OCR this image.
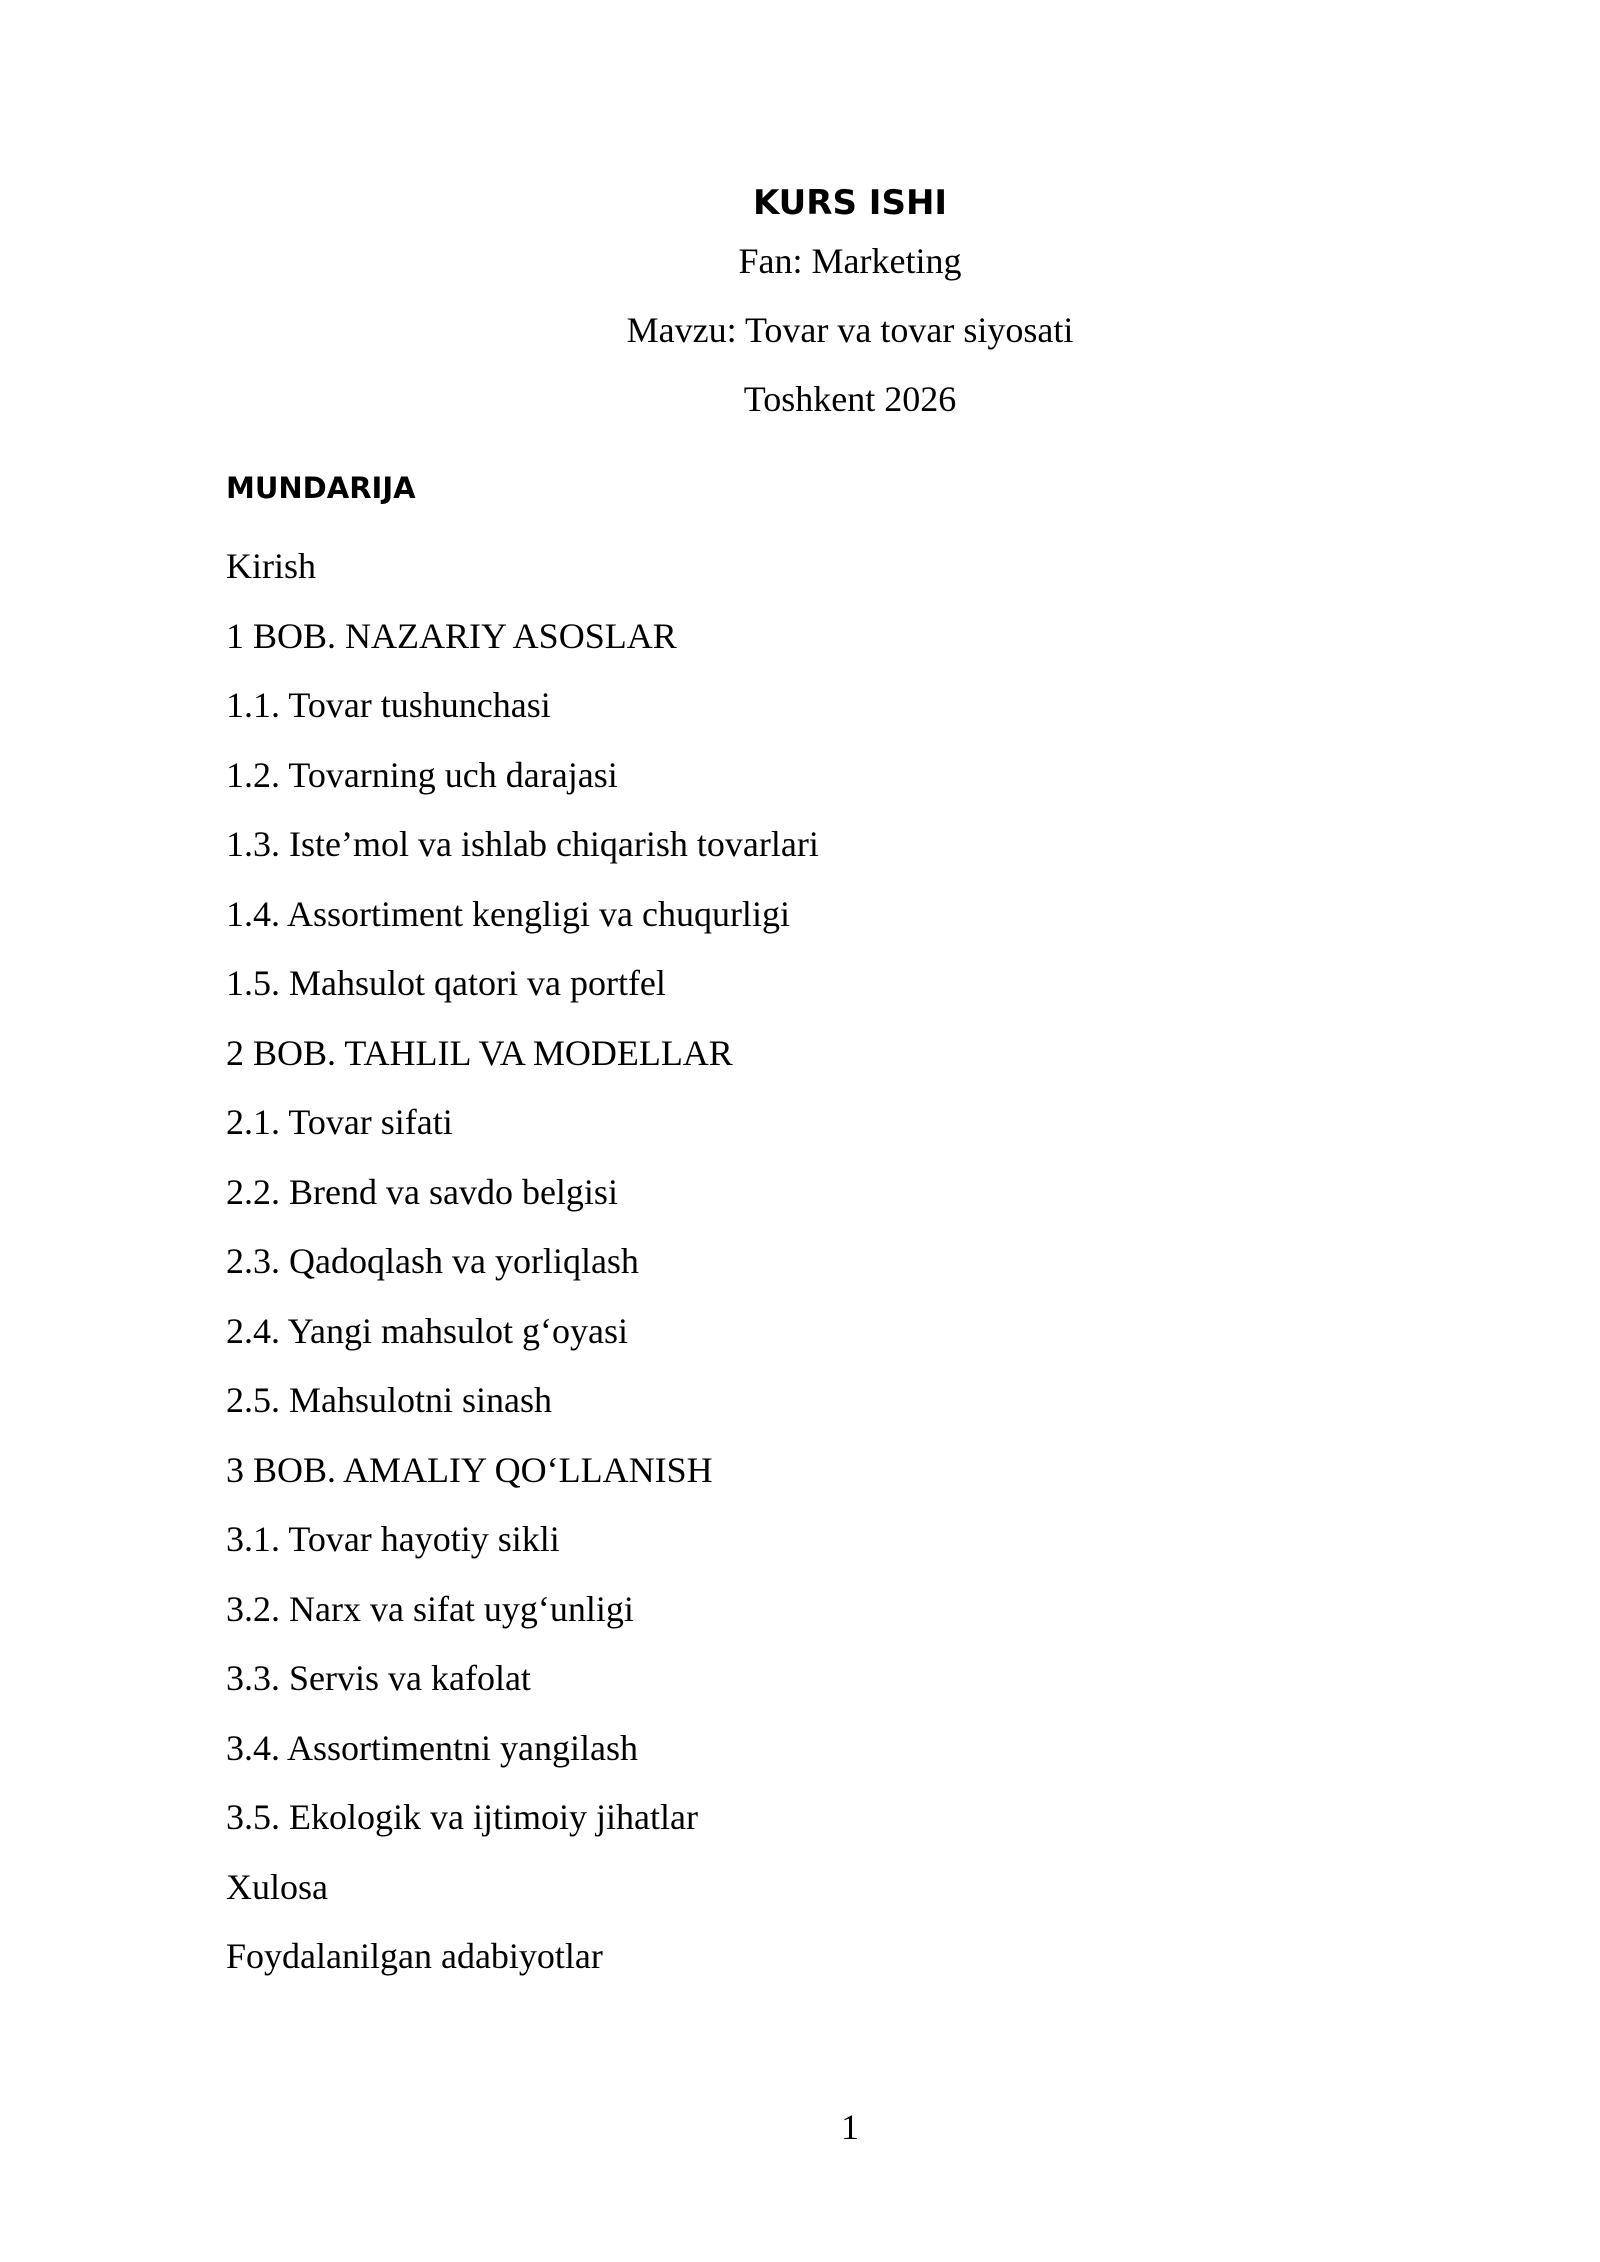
KURS ISHI

Fan: Marketing

Mavzu: Tovar va tovar siyosati

Toshkent 2026

MUNDARIJA
Kirish
1 BOB. NAZARIY ASOSLAR
1.1. Tovar tushunchasi
1.2. Tovarning uch darajasi
1.3. Iste’mol va ishlab chiqarish tovarlari
1.4. Assortiment kengligi va chuqurligi
1.5. Mahsulot qatori va portfel
2 BOB. TAHLIL VA MODELLAR
2.1. Tovar sifati
2.2. Brend va savdo belgisi
2.3. Qadoqlash va yorliqlash
2.4. Yangi mahsulot g‘oyasi
2.5. Mahsulotni sinash
3 BOB. AMALIY QO‘LLANISH
3.1. Tovar hayotiy sikli
3.2. Narx va sifat uyg‘unligi
3.3. Servis va kafolat
3.4. Assortimentni yangilash
3.5. Ekologik va ijtimoiy jihatlar
Xulosa
Foydalanilgan adabiyotlar
1
